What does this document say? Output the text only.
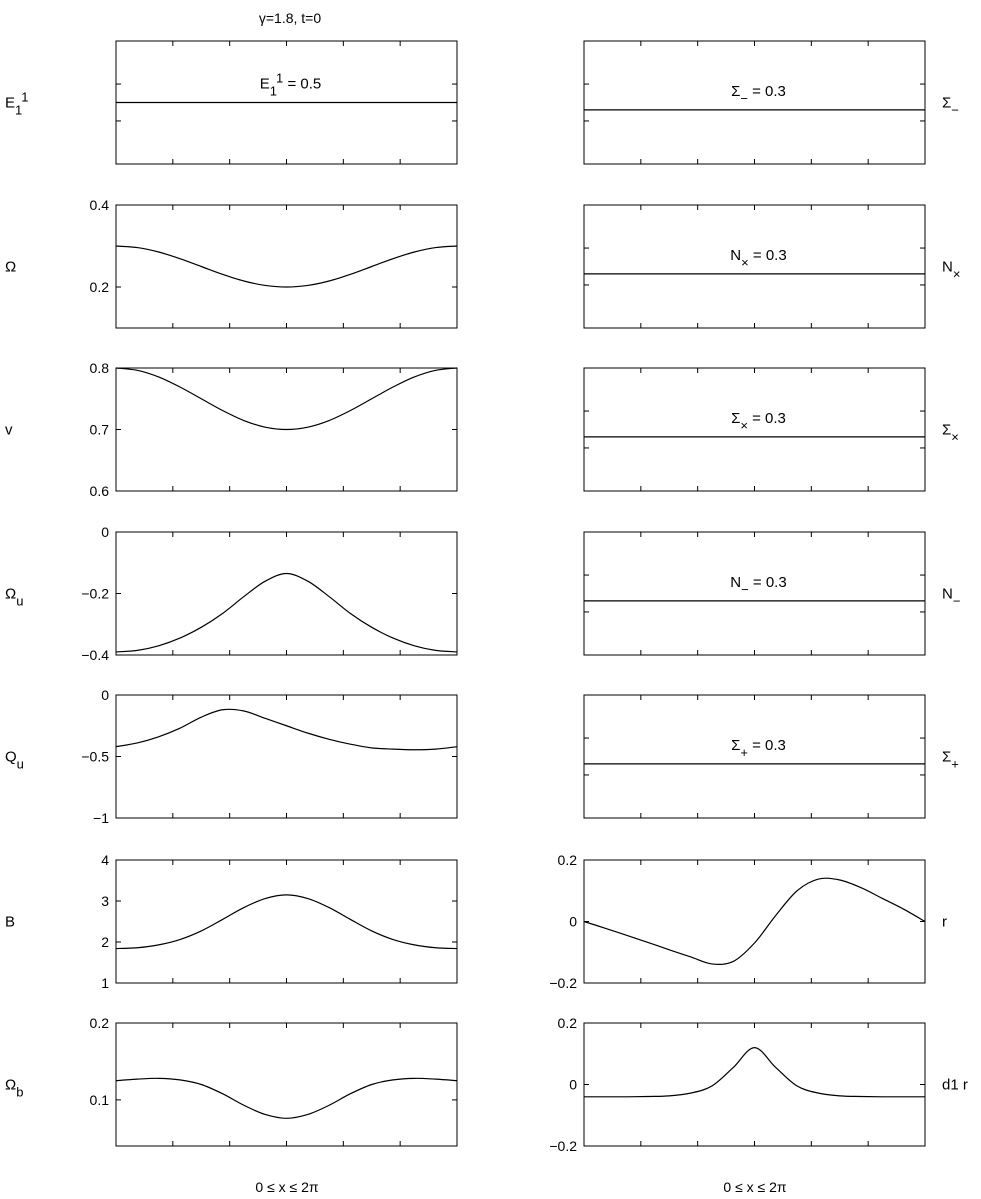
γ=1.8, t=0
E11 = 0.5
E11
0.2
0.4
Ω
0.6
0.7
0.8
v
−0.4
−0.2
0
Ωu
−1
−0.5
0
Qu
1
2
3
4
B
0.1
0.2
Ωb
Σ− = 0.3
Σ−
N× = 0.3
N×
Σ× = 0.3
Σ×
N− = 0.3
N−
Σ+ = 0.3
Σ+
−0.2
0
0.2
r
−0.2
0
0.2
d1 r
0 ≤ x ≤ 2π	0 ≤ x ≤ 2π
